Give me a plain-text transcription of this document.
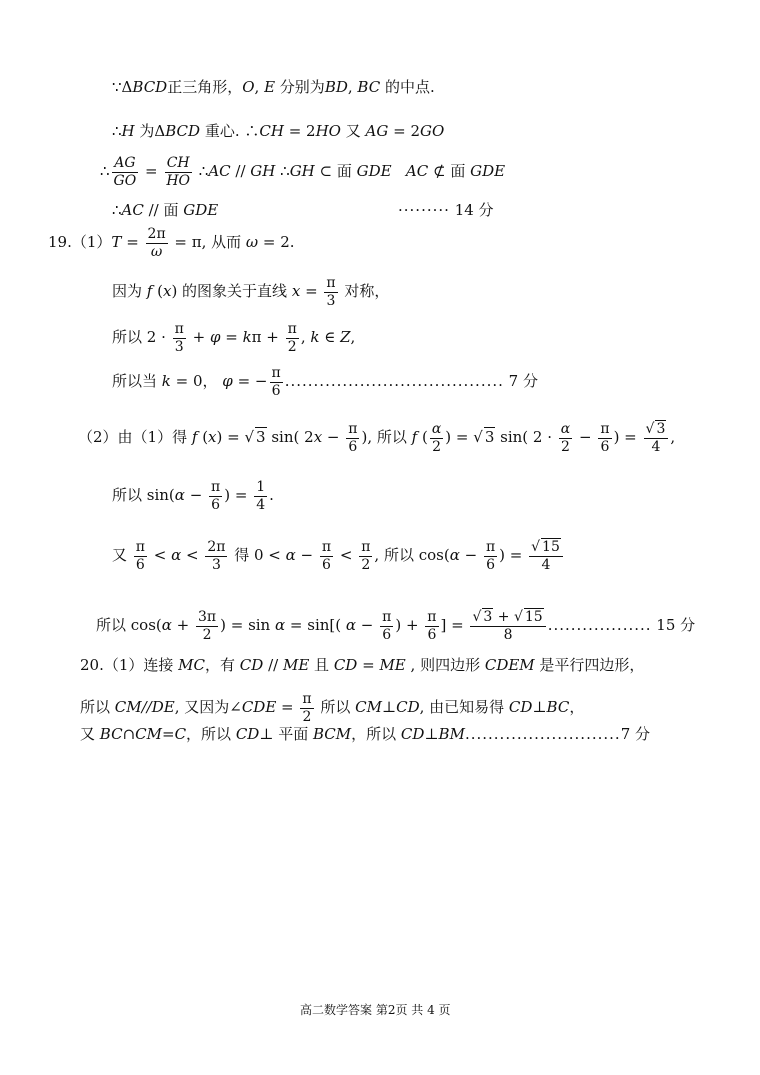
∵ΔBCD正三角形，O, E 分别为BD, BC 的中点.
∴H 为ΔBCD 重心. ∴CH = 2HO 又 AG = 2GO
∴ $\frac{AG}{GO} = \frac{CH}{HO}$ ∴AC // GH ∴GH ⊂ 面 GDE AC ⊄ 面 GDE
∴AC // 面 GDE	········· 14 分
$19.(1)T = \frac{2\pi}{\omega} = \pi$, 从而 ω = 2.
因为 f (x) 的图象关于直线 $x = \frac{\pi}{3}$ 对称，
所以 $2 \cdot \frac{\pi}{3} + \varphi = k\pi + \frac{\pi}{2}$ , k ∈ Z,
所以当 k = 0， φ = − $\frac{\pi}{6}$ ...................................... 7 分
（2）由（1）得 f (x) = √ 3 sin( $2x - \frac{\pi}{6}$ ), 所以 f ( $\frac{\alpha}{2}$ ) = √ 3 sin( $2 \cdot \frac{\alpha}{2} - \frac{\pi}{6}$ ) = $\frac{√ 3}{4}$ ,
所以 $\sin(\alpha - \frac{\pi}{6}$ ) = $\frac{1}{4}$ .
又 $\frac{\pi}{6} < \alpha < \frac{2\pi}{3}$ 得 $0 < \alpha - \frac{\pi}{6} < \frac{\pi}{2}$ , 所以 $\cos(\alpha - \frac{\pi}{6}$ ) = $\frac{√ 15}{4}$
所以 $\cos(\alpha + \frac{3\pi}{2}$ ) = sin α = sin[( $\alpha - \frac{\pi}{6}$ ) + $\frac{\pi}{6}$ ] = $\frac{√ 3 + √ 15}{8}$ .................. 15 分
20.（1）连接 MC，有 CD // ME 且 CD = ME , 则四边形 CDEM 是平行四边形，
所以 CM//DE, 又因为∠CDE = $\frac{\pi}{2}$ 所以 CM⊥CD, 由已知易得 CD⊥BC，
又 BC∩CM=C，所以 CD⊥ 平面 BCM，所以 CD⊥BM...........................7 分
高二数学答案 第2页 共 4 页
